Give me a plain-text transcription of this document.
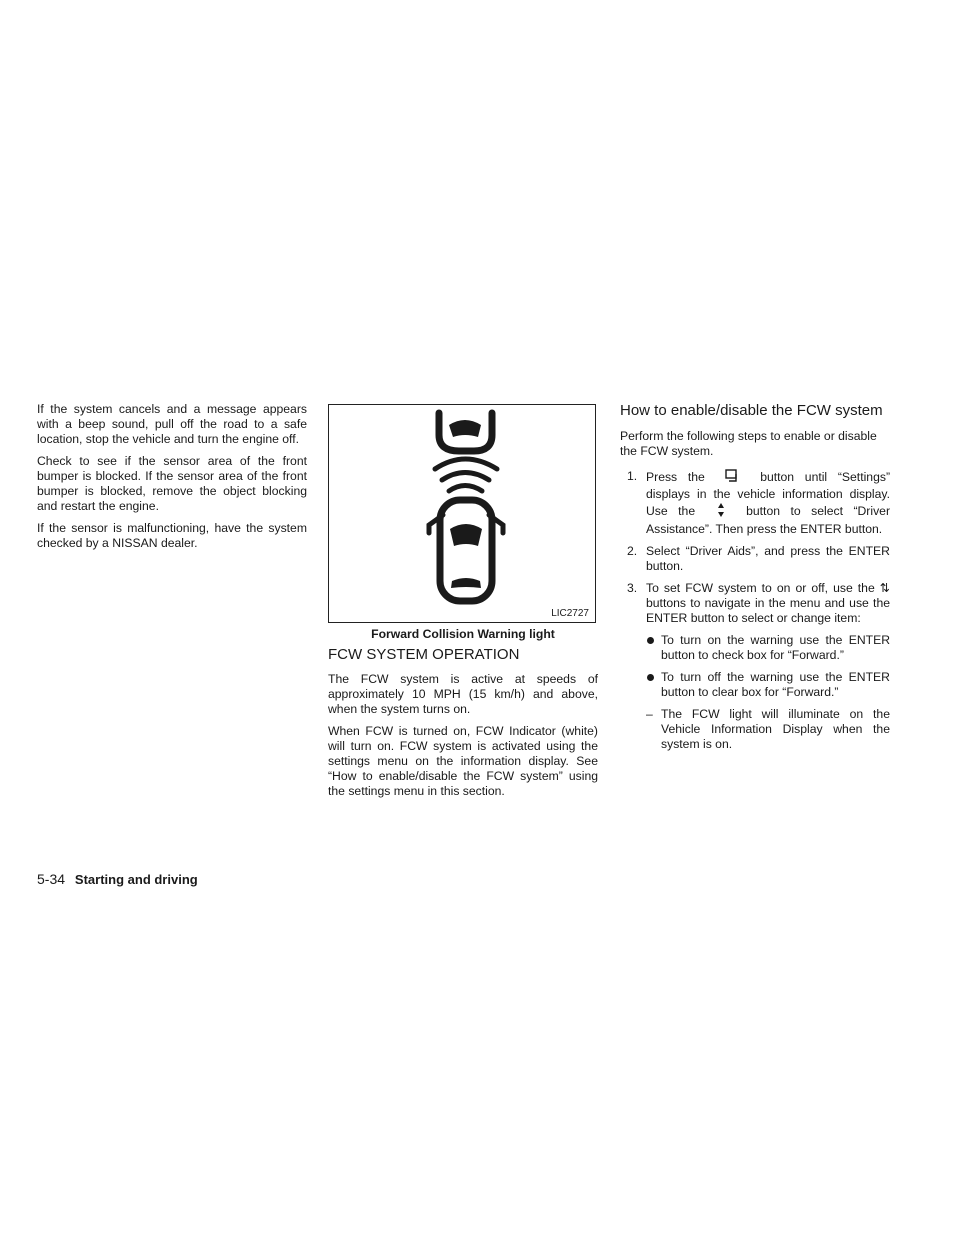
If the system cancels and a message appears with a beep sound, pull off the road to a safe location, stop the vehicle and turn the engine off.

Check to see if the sensor area of the front bumper is blocked. If the sensor area of the front bumper is blocked, remove the object blocking and restart the engine.

If the sensor is malfunctioning, have the system checked by a NISSAN dealer.

LIC2727
Forward Collision Warning light
FCW SYSTEM OPERATION

The FCW system is active at speeds of approximately 10 MPH (15 km/h) and above, when the system turns on.

When FCW is turned on, FCW Indicator (white) will turn on. FCW system is activated using the settings menu on the information display. See “How to enable/disable the FCW system” using the settings menu in this section.

How to enable/disable the FCW system

Perform the following steps to enable or disable the FCW system.

1. Press the	button until “Settings” displays in the vehicle information display. Use the	button to select “Driver Assistance”. Then press the ENTER button.
2. Select “Driver Aids”, and press the ENTER button.
3. To set FCW system to on or off, use the ⇅ buttons to navigate in the menu and use the ENTER button to select or change item:
To turn on the warning use the ENTER button to check box for “Forward.”
To turn off the warning use the ENTER button to clear box for “Forward.”
– The FCW light will illuminate on the Vehicle Information Display when the system is on.
5-34 Starting and driving
